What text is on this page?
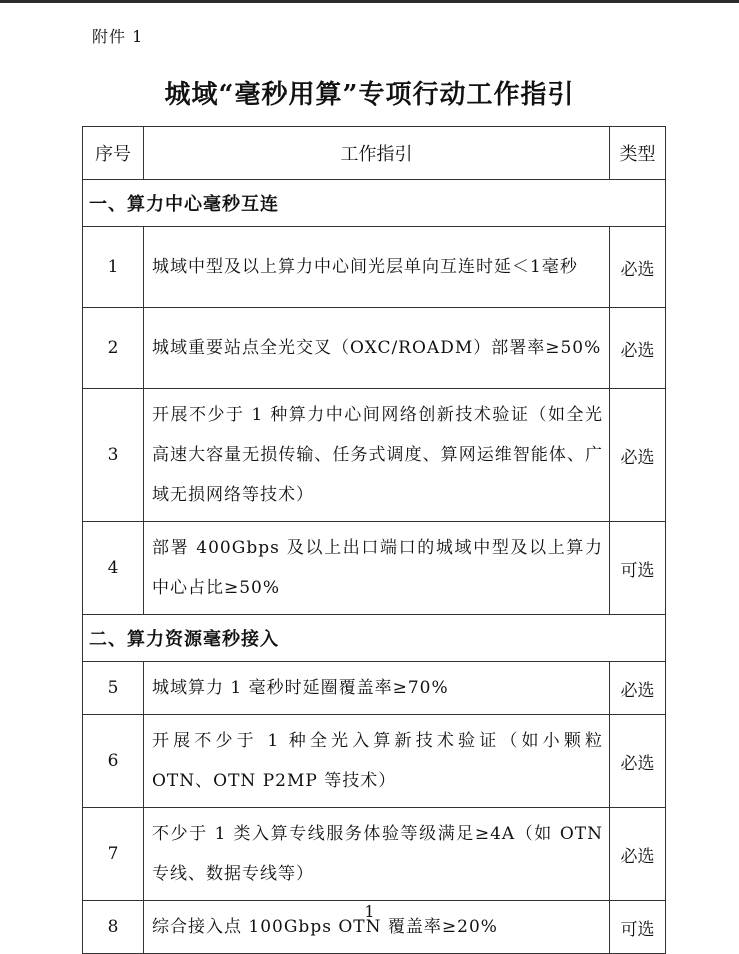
附件 1
城域“毫秒用算”专项行动工作指引
序号	工作指引	类型
一、算力中心毫秒互连		
1	城域中型及以上算力中心间光层单向互连时延＜1毫秒	必选
2	城域重要站点全光交叉（OXC/ROADM）部署率≥50%	必选
3	开展不少于 1 种算力中心间网络创新技术验证（如全光高速大容量无损传输、任务式调度、算网运维智能体、广域无损网络等技术）	必选
4	部署 400Gbps 及以上出口端口的城域中型及以上算力中心占比≥50%	可选
二、算力资源毫秒接入		
5	城域算力 1 毫秒时延圈覆盖率≥70%	必选
6	开展不少于 1 种全光入算新技术验证（如小颗粒 OTN、OTN P2MP 等技术）	必选
7	不少于 1 类入算专线服务体验等级满足≥4A（如 OTN 专线、数据专线等）	必选
8	综合接入点 100Gbps OTN 覆盖率≥20%	可选
1
